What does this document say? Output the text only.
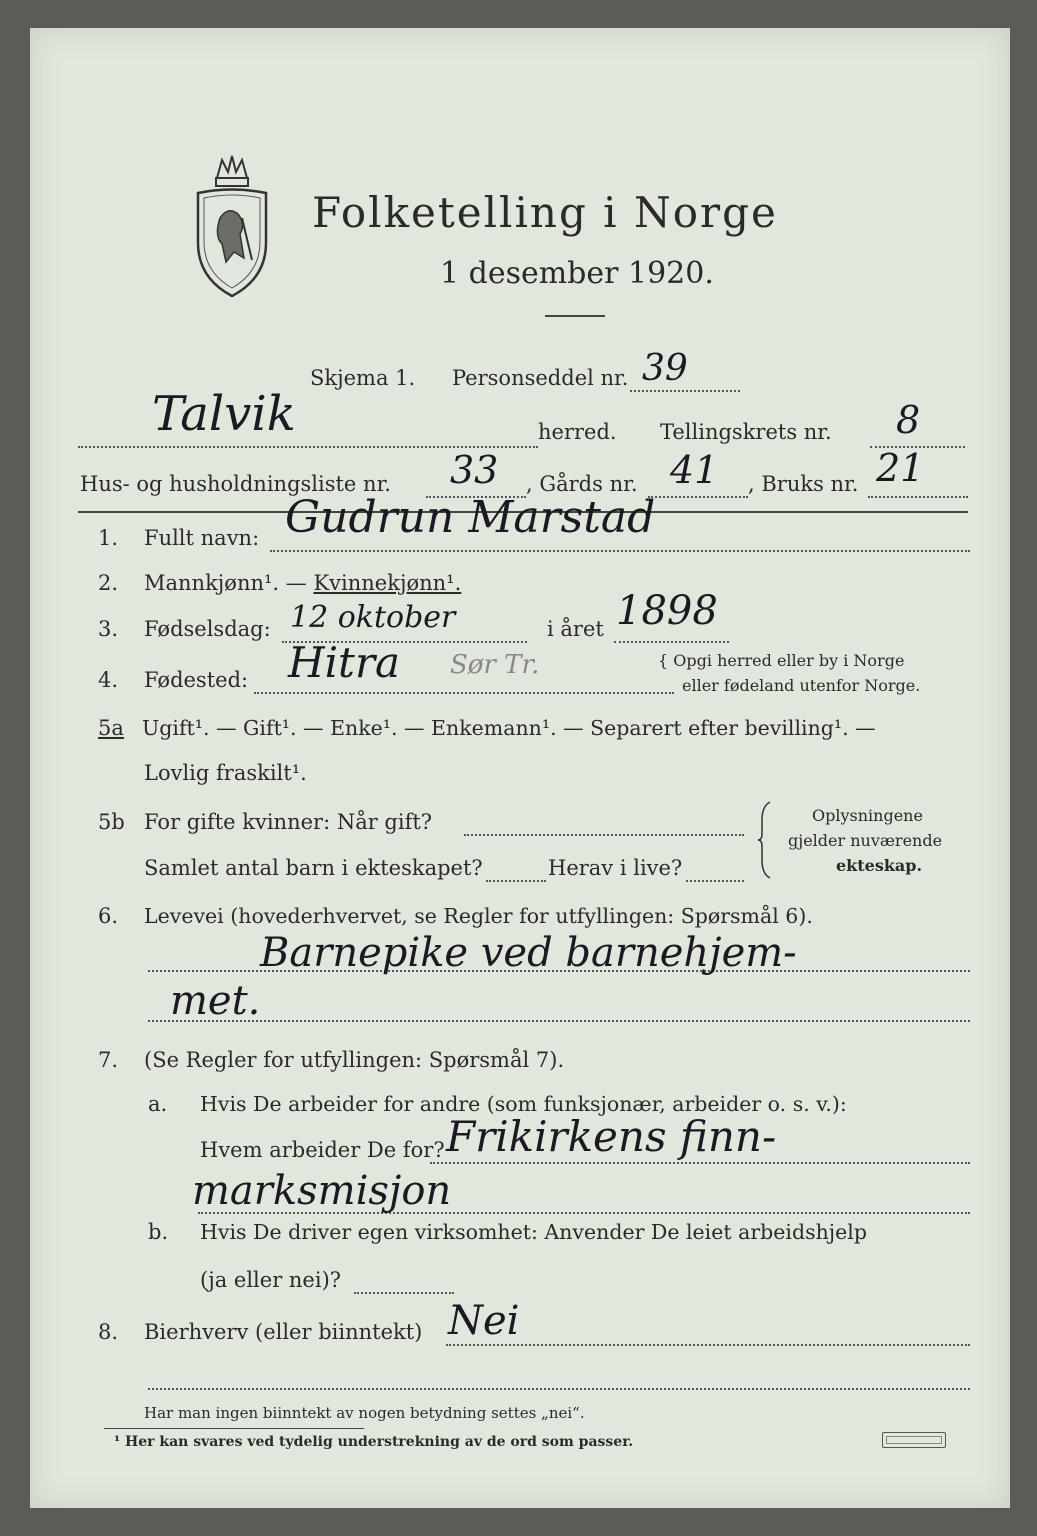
Folketelling i Norge
1 desember 1920.
Skjema 1. Personseddel nr. 39
Talvik	herred. Tellingskrets nr. 8
Hus- og husholdningsliste nr. 33 , Gårds nr. 41 , Bruks nr. 21
1. Fullt navn: Gudrun Marstad
2. Mannkjønn¹. — Kvinnekjønn¹.
3. Fødselsdag: 12 oktober	i året 1898
4. Fødested: Hitra Sør Tr.	{ Opgi herred eller by i Norge
eller fødeland utenfor Norge.
5a Ugift¹. — Gift¹. — Enke¹. — Enkemann¹. — Separert efter bevilling¹. —
Lovlig fraskilt¹.
5b For gifte kvinner: Når gift?
Samlet antal barn i ekteskapet?	Herav i live?
Oplysningene
gjelder nuværende
ekteskap.
6. Levevei (hovederhvervet, se Regler for utfyllingen: Spørsmål 6).
Barnepike ved barnehjem-
met.
7. (Se Regler for utfyllingen: Spørsmål 7).
a. Hvis De arbeider for andre (som funksjonær, arbeider o. s. v.):
Hvem arbeider De for? Frikirkens finn-
marksmisjon
b. Hvis De driver egen virksomhet: Anvender De leiet arbeidshjelp
(ja eller nei)?
8. Bierhverv (eller biinntekt) Nei
Har man ingen biinntekt av nogen betydning settes „nei“.
¹ Her kan svares ved tydelig understrekning av de ord som passer.
